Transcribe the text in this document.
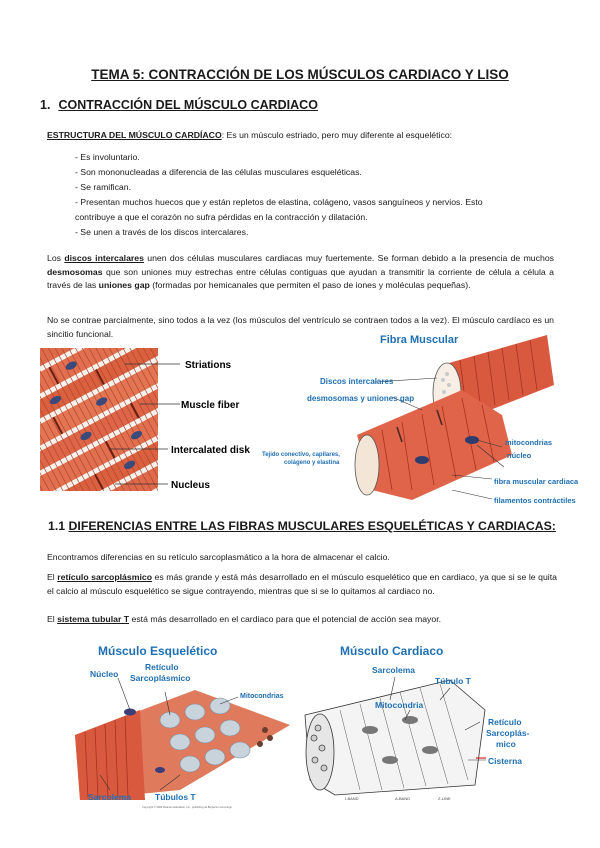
TEMA 5: CONTRACCIÓN DE LOS MÚSCULOS CARDIACO Y LISO
1. CONTRACCIÓN DEL MÚSCULO CARDIACO
ESTRUCTURA DEL MÚSCULO CARDÍACO: Es un músculo estriado, pero muy diferente al esquelético:
- Es involuntario.
- Son mononucleadas a diferencia de las células musculares esqueléticas.
- Se ramifican.
- Presentan muchos huecos que y están repletos de elastina, colágeno, vasos sanguíneos y nervios. Esto
contribuye a que el corazón no sufra pérdidas en la contracción y dilatación.
- Se unen a través de los discos intercalares.
Los discos intercalares unen dos células musculares cardiacas muy fuertemente. Se forman debido a la presencia de muchos desmosomas que son uniones muy estrechas entre células contiguas que ayudan a transmitir la corriente de célula a célula a través de las uniones gap (formadas por hemicanales que permiten el paso de iones y moléculas pequeñas).
No se contrae parcialmente, sino todos a la vez (los músculos del ventrículo se contraen todos a la vez). El músculo cardíaco es un sincitio funcional.
Striations
Muscle fiber
Intercalated disk
Nucleus
Fibra Muscular
Discos intercalares
desmosomas y uniones gap
Tejido conectivo, capilares,
colágeno y elastina
mitocondrias
núcleo
fibra muscular cardiaca
filamentos contráctiles
1.1 DIFERENCIAS ENTRE LAS FIBRAS MUSCULARES ESQUELÉTICAS Y CARDIACAS:
Encontramos diferencias en su retículo sarcoplasmático a la hora de almacenar el calcio.
El retículo sarcoplásmico es más grande y está más desarrollado en el músculo esquelético que en cardiaco, ya que si se le quita el calcio al músculo esquelético se sigue contrayendo, mientras que si se lo quitamos al cardiaco no.
El sistema tubular T está más desarrollado en el cardiaco para que el potencial de acción sea mayor.
Músculo Esquelético
Núcleo
Retículo
Sarcoplásmico
Mitocondrias
Sarcolema	Túbulos T
Copyright © 2006 Pearson Education, Inc., publishing as Benjamin Cummings
Músculo Cardiaco
Sarcolema
Túbulo T
Mitocondria
Retículo
Sarcoplás-
mico
Cisterna
I-BAND	A-BAND	Z-LINE
